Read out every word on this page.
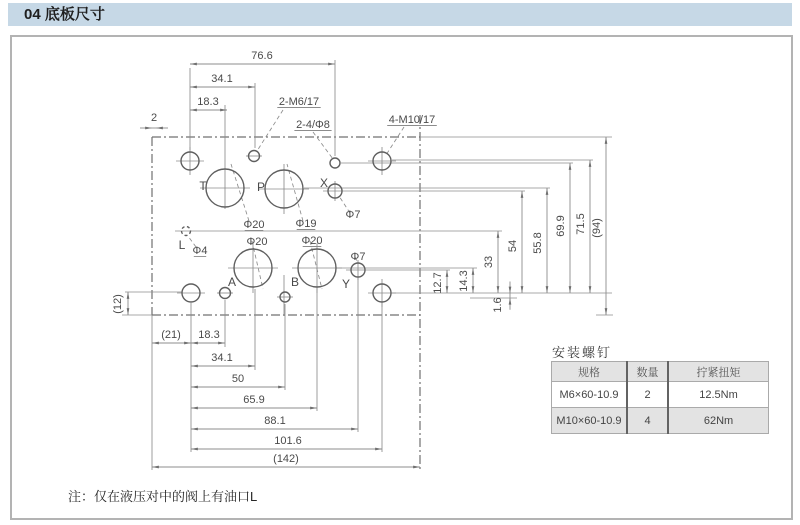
04 底板尺寸
76.6
34.1
18.3
2
(21) 18.3
34.1
50
65.9
88.1
101.6
(142)
12.7 14.3
33
54 55.8
69.9 71.5 (94)
(12)	1.6
T	P	X
A	B	Y
L
Φ20	Φ19
Φ20	Φ20
Φ7
Φ7
Φ4
2-M6/17
2-4/Φ8	4-M10/17
安装螺钉
规格	数量	拧紧扭矩
M6×60-10.9	2	12.5Nm
M10×60-10.9	4	62Nm
注：仅在液压对中的阀上有油口L
